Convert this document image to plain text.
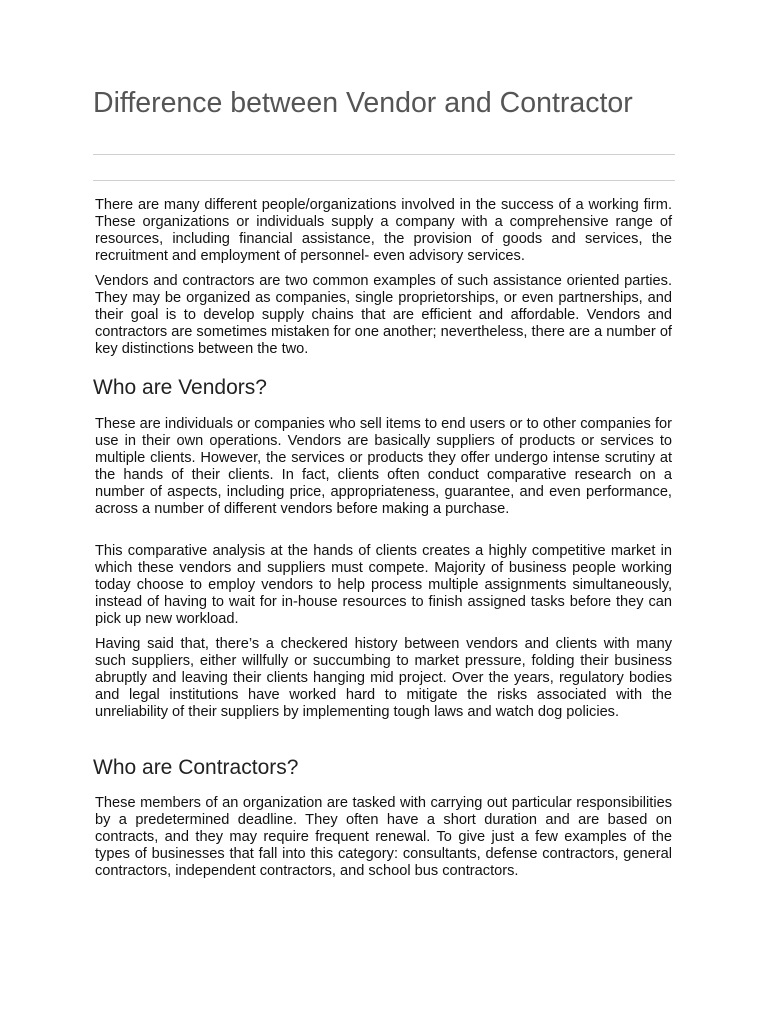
Difference between Vendor and Contractor

There are many different people/organizations involved in the success of a working firm. These organizations or individuals supply a company with a comprehensive range of resources, including financial assistance, the provision of goods and services, the recruitment and employment of personnel- even advisory services.

Vendors and contractors are two common examples of such assistance oriented parties. They may be organized as companies, single proprietorships, or even partnerships, and their goal is to develop supply chains that are efficient and affordable. Vendors and contractors are sometimes mistaken for one another; nevertheless, there are a number of key distinctions between the two.

Who are Vendors?

These are individuals or companies who sell items to end users or to other companies for use in their own operations. Vendors are basically suppliers of products or services to multiple clients. However, the services or products they offer undergo intense scrutiny at the hands of their clients. In fact, clients often conduct comparative research on a number of aspects, including price, appropriateness, guarantee, and even performance, across a number of different vendors before making a purchase.

This comparative analysis at the hands of clients creates a highly competitive market in which these vendors and suppliers must compete. Majority of business people working today choose to employ vendors to help process multiple assignments simultaneously, instead of having to wait for in-house resources to finish assigned tasks before they can pick up new workload.

Having said that, there’s a checkered history between vendors and clients with many such suppliers, either willfully or succumbing to market pressure, folding their business abruptly and leaving their clients hanging mid project. Over the years, regulatory bodies and legal institutions have worked hard to mitigate the risks associated with the unreliability of their suppliers by implementing tough laws and watch dog policies.

Who are Contractors?

These members of an organization are tasked with carrying out particular responsibilities by a predetermined deadline. They often have a short duration and are based on contracts, and they may require frequent renewal. To give just a few examples of the types of businesses that fall into this category: consultants, defense contractors, general contractors, independent contractors, and school bus contractors.
